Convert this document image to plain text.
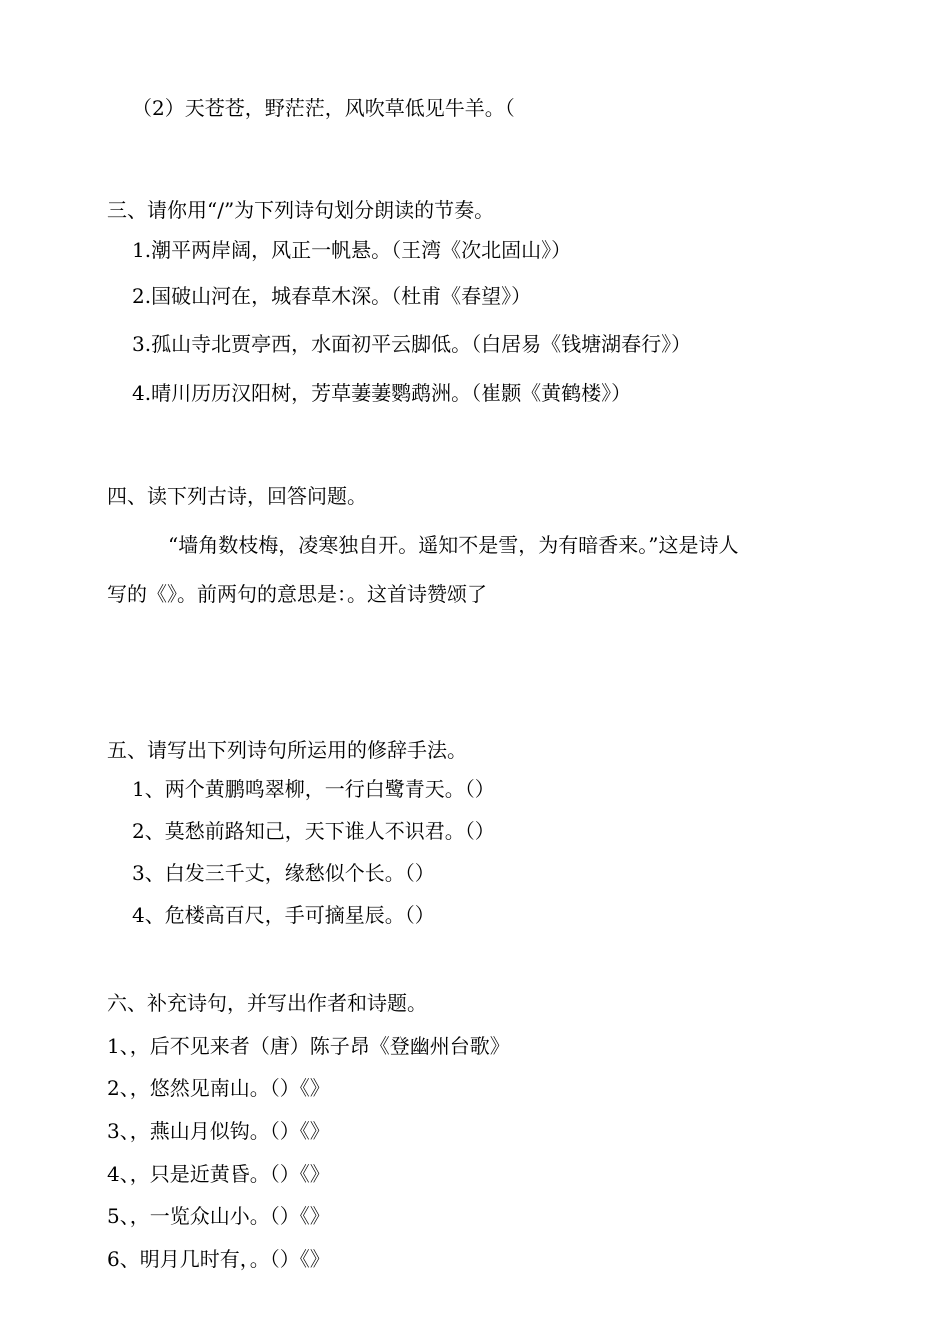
（2）天苍苍，野茫茫，风吹草低见牛羊。（
三、请你用“/”为下列诗句划分朗读的节奏。
1.潮平两岸阔，风正一帆悬。（王湾《次北固山》）
2.国破山河在，城春草木深。（杜甫《春望》）
3.孤山寺北贾亭西，水面初平云脚低。（白居易《钱塘湖春行》）
4.晴川历历汉阳树，芳草萋萋鹦鹉洲。（崔颢《黄鹤楼》）
四、读下列古诗，回答问题。
“墙角数枝梅，凌寒独自开。遥知不是雪，为有暗香来。”这是诗人
写的《》。前两句的意思是：。这首诗赞颂了
五、请写出下列诗句所运用的修辞手法。
1、两个黄鹏鸣翠柳，一行白鹭青天。（）
2、莫愁前路知己，天下谁人不识君。（）
3、白发三千丈，缘愁似个长。（）
4、危楼高百尺，手可摘星辰。（）
六、补充诗句，并写出作者和诗题。
1、，后不见来者（唐）陈子昂《登幽州台歌》
2、，悠然见南山。（）《》
3、，燕山月似钩。（）《》
4、，只是近黄昏。（）《》
5、，一览众山小。（）《》
6、明月几时有，。（）《》
